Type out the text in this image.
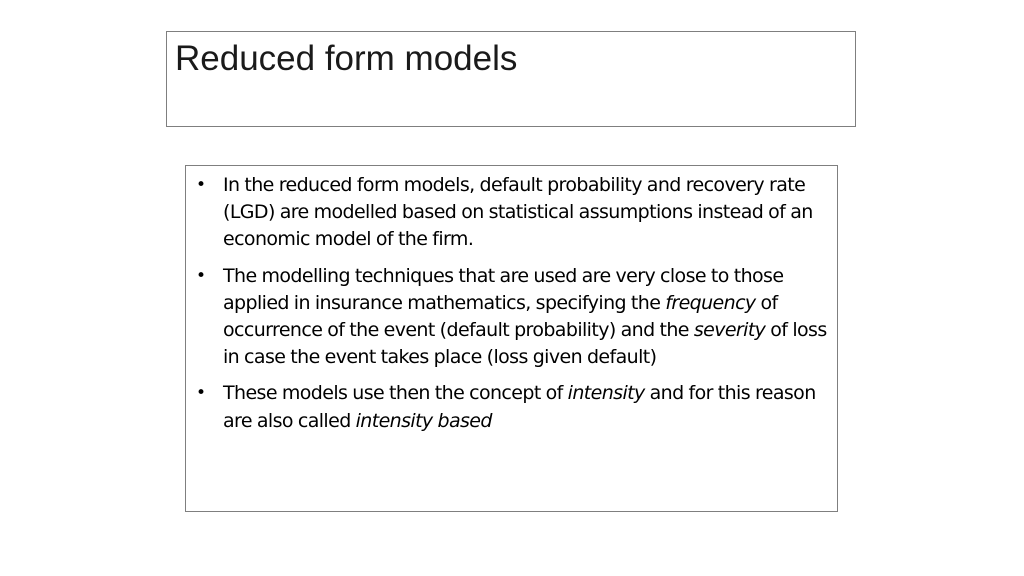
Reduced form models
• In the reduced form models, default probability and recovery rate (LGD) are modelled based on statistical assumptions instead of an economic model of the firm.
• The modelling techniques that are used are very close to those applied in insurance mathematics, specifying the frequency of occurrence of the event (default probability) and the severity of loss in case the event takes place (loss given default)
• These models use then the concept of intensity and for this reason are also called intensity based
